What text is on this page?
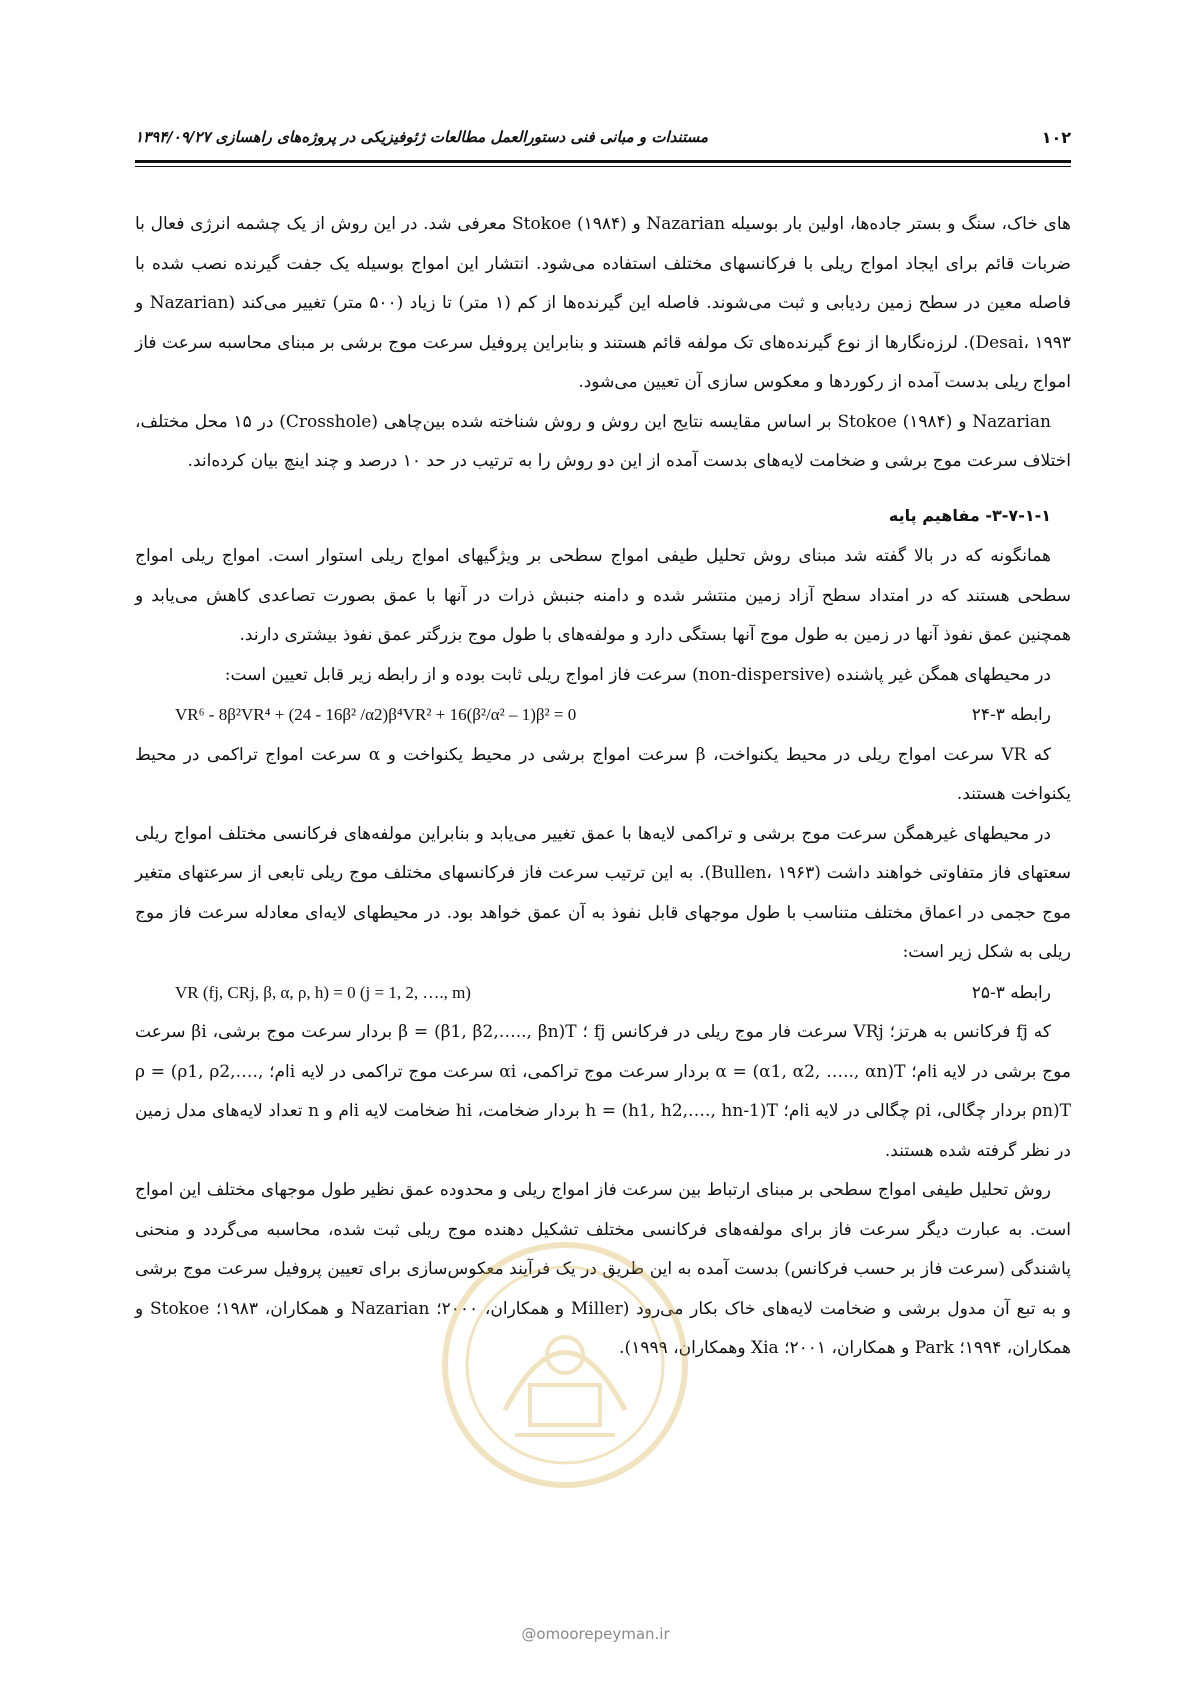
۱۰۲
مستندات و مبانی فنی دستورالعمل مطالعات ژئوفیزیکی در پروژه‌های راهسازی ۱۳۹۴/۰۹/۲۷

های خاک، سنگ و بستر جاده‌ها، اولین بار بوسیله Nazarian و Stokoe (۱۹۸۴) معرفی شد. در این روش از یک چشمه انرژی فعال با ضربات قائم برای ایجاد امواج ریلی با فرکانسهای مختلف استفاده می‌شود. انتشار این امواج بوسیله یک جفت گیرنده نصب شده با فاصله معین در سطح زمین ردیابی و ثبت می‌شوند. فاصله این گیرنده‌ها از کم (۱ متر) تا زیاد (۵۰۰ متر) تغییر می‌کند (Nazarian و Desai، ۱۹۹۳). لرزه‌نگارها از نوع گیرنده‌های تک مولفه قائم هستند و بنابراین پروفیل سرعت موج برشی بر مبنای محاسبه سرعت فاز امواج ریلی بدست آمده از رکوردها و معکوس سازی آن تعیین می‌شود.

Nazarian و Stokoe (۱۹۸۴) بر اساس مقایسه نتایج این روش و روش شناخته شده بین‌چاهی (Crosshole) در ۱۵ محل مختلف، اختلاف سرعت موج برشی و ضخامت لایه‌های بدست آمده از این دو روش را به ترتیب در حد ۱۰ درصد و چند اینچ بیان کرده‌اند.

۳-۷-۱-۱- مفاهیم پایه

همانگونه که در بالا گفته شد مبنای روش تحلیل طیفی امواج سطحی بر ویژگیهای امواج ریلی استوار است. امواج ریلی امواج سطحی هستند که در امتداد سطح آزاد زمین منتشر شده و دامنه جنبش ذرات در آنها با عمق بصورت تصاعدی کاهش می‌یابد و همچنین عمق نفوذ آنها در زمین به طول موج آنها بستگی دارد و مولفه‌های با طول موج بزرگتر عمق نفوذ بیشتری دارند.

در محیطهای همگن غیر پاشنده (non-dispersive) سرعت فاز امواج ریلی ثابت بوده و از رابطه زیر قابل تعیین است:

رابطه ۳-۲۴
VR⁶ - 8β²VR⁴ + (24 - 16β² /α2)β⁴VR² + 16(β²/α² – 1)β² = 0

که VR سرعت امواج ریلی در محیط یکنواخت، β سرعت امواج برشی در محیط یکنواخت و α سرعت امواج تراکمی در محیط یکنواخت هستند.

در محیطهای غیرهمگن سرعت موج برشی و تراکمی لایه‌ها با عمق تغییر می‌یابد و بنابراین مولفه‌های فرکانسی مختلف امواج ریلی سعتهای فاز متفاوتی خواهند داشت (Bullen، ۱۹۶۳). به این ترتیب سرعت فاز فرکانسهای مختلف موج ریلی تابعی از سرعتهای متغیر موج حجمی در اعماق مختلف متناسب با طول موجهای قابل نفوذ به آن عمق خواهد بود. در محیطهای لایه‌ای معادله سرعت فاز موج ریلی به شکل زیر است:

رابطه ۳-۲۵
VR (fj, CRj, β, α, ρ, h) = 0 (j = 1, 2, …., m)

که fj فرکانس به هرتز؛ VRj سرعت فار موج ریلی در فرکانس fj ؛ β = (β1, β2,….., βn)T بردار سرعت موج برشی، βi سرعت موج برشی در لایه iام؛ α = (α1, α2, ….., αn)T بردار سرعت موج تراکمی، αi سرعت موج تراکمی در لایه iام؛ ρ = (ρ1, ρ2,…., ρn)T بردار چگالی، ρi چگالی در لایه iام؛ h = (h1, h2,…., hn-1)T بردار ضخامت، hi ضخامت لایه iام و n تعداد لایه‌های مدل زمین در نظر گرفته شده هستند.

روش تحلیل طیفی امواج سطحی بر مبنای ارتباط بین سرعت فاز امواج ریلی و محدوده عمق نظیر طول موجهای مختلف این امواج است. به عبارت دیگر سرعت فاز برای مولفه‌های فرکانسی مختلف تشکیل دهنده موج ریلی ثبت شده، محاسبه می‌گردد و منحنی پاشندگی (سرعت فاز بر حسب فرکانس) بدست آمده به این طریق در یک فرآیند معکوس‌سازی برای تعیین پروفیل سرعت موج برشی و به تبع آن مدول برشی و ضخامت لایه‌های خاک بکار می‌رود (Miller و همکاران، ۲۰۰۰؛ Nazarian و همکاران، ۱۹۸۳؛ Stokoe و همکاران، ۱۹۹۴؛ Park و همکاران، ۲۰۰۱؛ Xia وهمکاران، ۱۹۹۹).

@omoorepeyman.ir
